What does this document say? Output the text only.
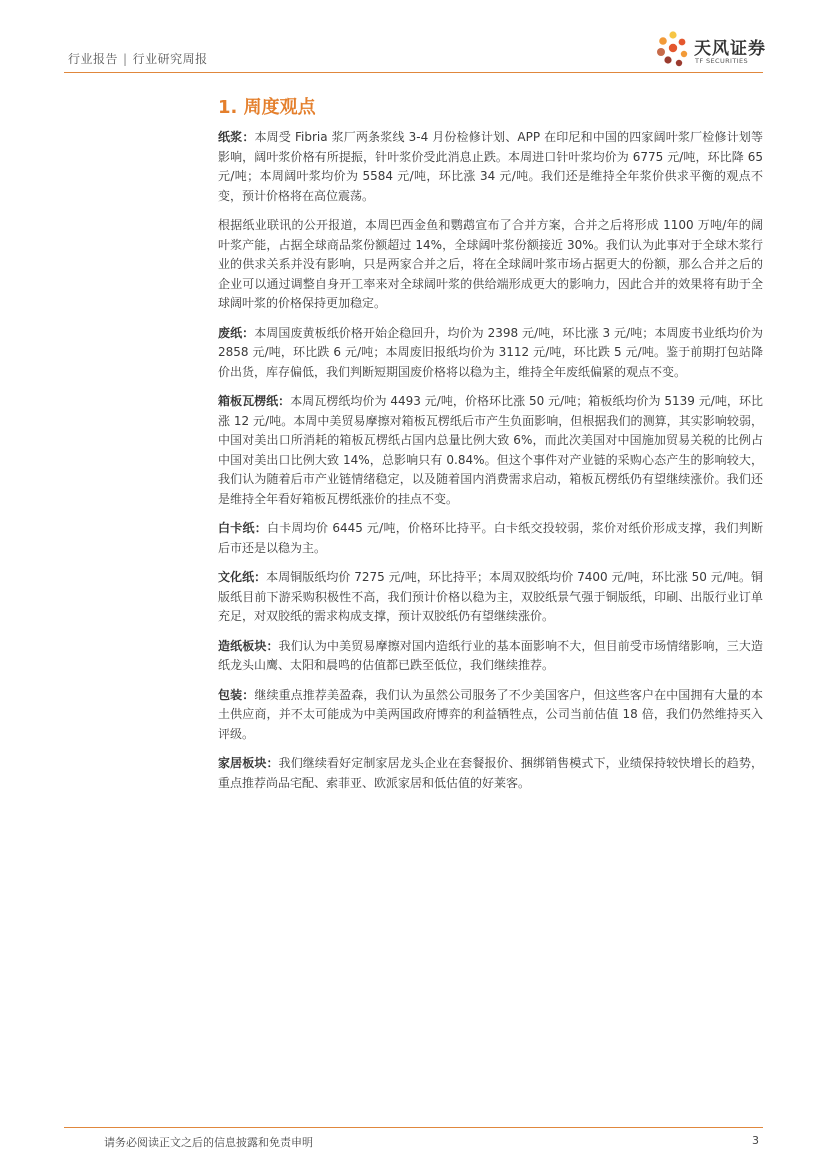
行业报告 | 行业研究周报	天风证券
TF SECURITIES
1. 周度观点

纸浆：本周受 Fibria 浆厂两条浆线 3-4 月份检修计划、APP 在印尼和中国的四家阔叶浆厂检修计划等影响，阔叶浆价格有所提振，针叶浆价受此消息止跌。本周进口针叶浆均价为 6775 元/吨，环比降 65 元/吨；本周阔叶浆均价为 5584 元/吨，环比涨 34 元/吨。我们还是维持全年浆价供求平衡的观点不变，预计价格将在高位震荡。

根据纸业联讯的公开报道，本周巴西金鱼和鹦鹉宣布了合并方案，合并之后将形成 1100 万吨/年的阔叶浆产能，占据全球商品浆份额超过 14%，全球阔叶浆份额接近 30%。我们认为此事对于全球木浆行业的供求关系并没有影响，只是两家合并之后，将在全球阔叶浆市场占据更大的份额，那么合并之后的企业可以通过调整自身开工率来对全球阔叶浆的供给端形成更大的影响力，因此合并的效果将有助于全球阔叶浆的价格保持更加稳定。

废纸：本周国废黄板纸价格开始企稳回升，均价为 2398 元/吨，环比涨 3 元/吨；本周废书业纸均价为 2858 元/吨，环比跌 6 元/吨；本周废旧报纸均价为 3112 元/吨，环比跌 5 元/吨。鉴于前期打包站降价出货，库存偏低，我们判断短期国废价格将以稳为主，维持全年废纸偏紧的观点不变。

箱板瓦楞纸：本周瓦楞纸均价为 4493 元/吨，价格环比涨 50 元/吨；箱板纸均价为 5139 元/吨，环比涨 12 元/吨。本周中美贸易摩擦对箱板瓦楞纸后市产生负面影响，但根据我们的测算，其实影响较弱，中国对美出口所消耗的箱板瓦楞纸占国内总量比例大致 6%，而此次美国对中国施加贸易关税的比例占中国对美出口比例大致 14%，总影响只有 0.84%。但这个事件对产业链的采购心态产生的影响较大，我们认为随着后市产业链情绪稳定，以及随着国内消费需求启动，箱板瓦楞纸仍有望继续涨价。我们还是维持全年看好箱板瓦楞纸涨价的挂点不变。

白卡纸：白卡周均价 6445 元/吨，价格环比持平。白卡纸交投较弱，浆价对纸价形成支撑，我们判断后市还是以稳为主。

文化纸：本周铜版纸均价 7275 元/吨，环比持平；本周双胶纸均价 7400 元/吨，环比涨 50 元/吨。铜版纸目前下游采购积极性不高，我们预计价格以稳为主，双胶纸景气强于铜版纸，印刷、出版行业订单充足，对双胶纸的需求构成支撑，预计双胶纸仍有望继续涨价。

造纸板块：我们认为中美贸易摩擦对国内造纸行业的基本面影响不大，但目前受市场情绪影响，三大造纸龙头山鹰、太阳和晨鸣的估值都已跌至低位，我们继续推荐。

包装：继续重点推荐美盈森，我们认为虽然公司服务了不少美国客户，但这些客户在中国拥有大量的本土供应商，并不太可能成为中美两国政府博弈的利益牺牲点，公司当前估值 18 倍，我们仍然维持买入评级。

家居板块：我们继续看好定制家居龙头企业在套餐报价、捆绑销售模式下，业绩保持较快增长的趋势，重点推荐尚品宅配、索菲亚、欧派家居和低估值的好莱客。

请务必阅读正文之后的信息披露和免责申明	3
